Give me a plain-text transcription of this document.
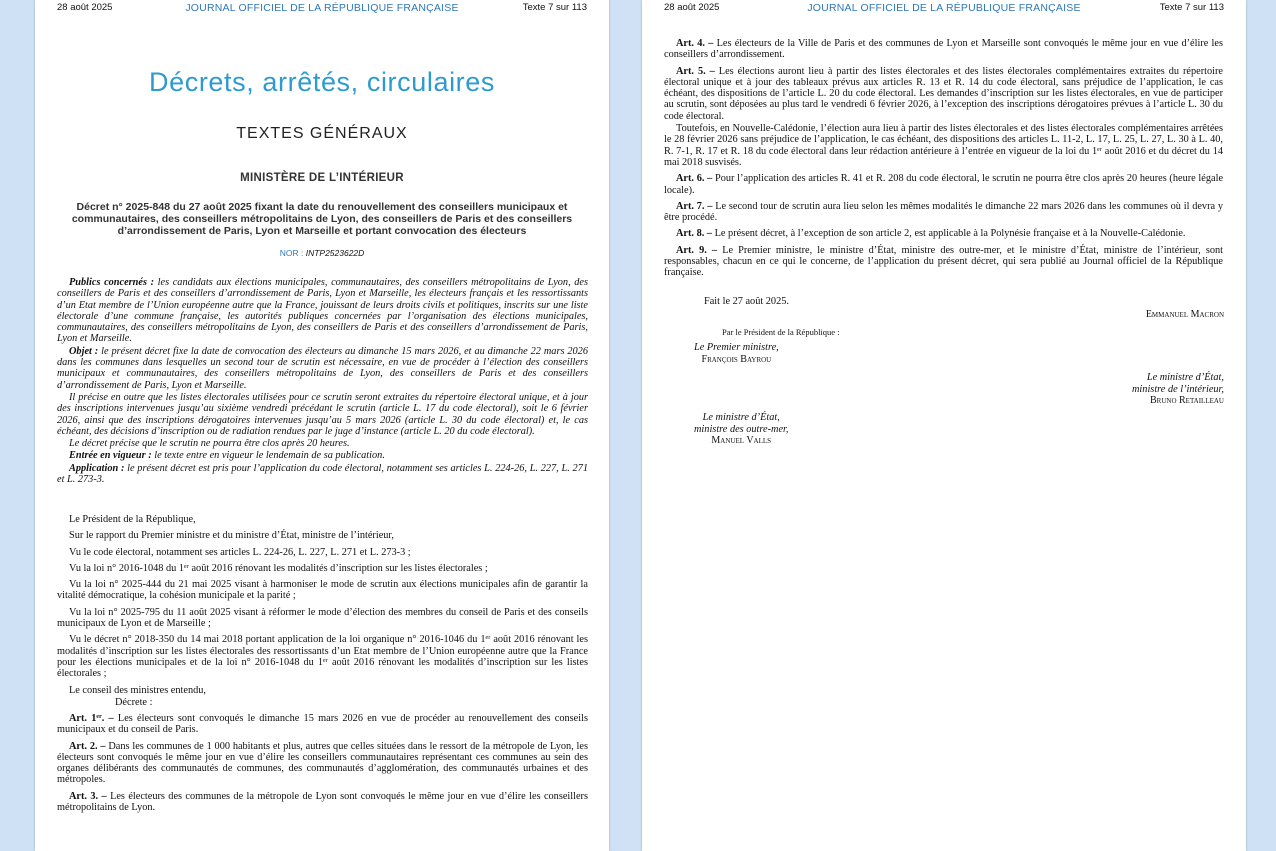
28 août 2025	JOURNAL OFFICIEL DE LA RÉPUBLIQUE FRANÇAISE	Texte 7 sur 113
Décrets, arrêtés, circulaires
TEXTES GÉNÉRAUX
MINISTÈRE DE L’INTÉRIEUR
Décret n° 2025-848 du 27 août 2025 fixant la date du renouvellement des conseillers municipaux et communautaires, des conseillers métropolitains de Lyon, des conseillers de Paris et des conseillers d’arrondissement de Paris, Lyon et Marseille et portant convocation des électeurs
NOR : INTP2523622D

Publics concernés : les candidats aux élections municipales, communautaires, des conseillers métropolitains de Lyon, des conseillers de Paris et des conseillers d’arrondissement de Paris, Lyon et Marseille, les électeurs français et les ressortissants d’un Etat membre de l’Union européenne autre que la France, jouissant de leurs droits civils et politiques, inscrits sur une liste électorale d’une commune française, les autorités publiques concernées par l’organisation des élections municipales, communautaires, des conseillers métropolitains de Lyon, des conseillers de Paris et des conseillers d’arrondissement de Paris, Lyon et Marseille.

Objet : le présent décret fixe la date de convocation des électeurs au dimanche 15 mars 2026, et au dimanche 22 mars 2026 dans les communes dans lesquelles un second tour de scrutin est nécessaire, en vue de procéder à l’élection des conseillers municipaux et communautaires, des conseillers métropolitains de Lyon, des conseillers de Paris et des conseillers d’arrondissement de Paris, Lyon et Marseille.

Il précise en outre que les listes électorales utilisées pour ce scrutin seront extraites du répertoire électoral unique, et à jour des inscriptions intervenues jusqu’au sixième vendredi précédant le scrutin (article L. 17 du code électoral), soit le 6 février 2026, ainsi que des inscriptions dérogatoires intervenues jusqu’au 5 mars 2026 (article L. 30 du code électoral) et, le cas échéant, des décisions d’inscription ou de radiation rendues par le juge d’instance (article L. 20 du code électoral).

Le décret précise que le scrutin ne pourra être clos après 20 heures.

Entrée en vigueur : le texte entre en vigueur le lendemain de sa publication.

Application : le présent décret est pris pour l’application du code électoral, notamment ses articles L. 224-26, L. 227, L. 271 et L. 273-3.

Le Président de la République,

Sur le rapport du Premier ministre et du ministre d’État, ministre de l’intérieur,

Vu le code électoral, notamment ses articles L. 224-26, L. 227, L. 271 et L. 273-3 ;

Vu la loi n° 2016-1048 du 1ᵉʳ août 2016 rénovant les modalités d’inscription sur les listes électorales ;

Vu la loi n° 2025-444 du 21 mai 2025 visant à harmoniser le mode de scrutin aux élections municipales afin de garantir la vitalité démocratique, la cohésion municipale et la parité ;

Vu la loi n° 2025-795 du 11 août 2025 visant à réformer le mode d’élection des membres du conseil de Paris et des conseils municipaux de Lyon et de Marseille ;

Vu le décret n° 2018-350 du 14 mai 2018 portant application de la loi organique n° 2016-1046 du 1ᵉʳ août 2016 rénovant les modalités d’inscription sur les listes électorales des ressortissants d’un Etat membre de l’Union européenne autre que la France pour les élections municipales et de la loi n° 2016-1048 du 1ᵉʳ août 2016 rénovant les modalités d’inscription sur les listes électorales ;

Le conseil des ministres entendu,

Décrete :

Art. 1ᵉʳ. – Les électeurs sont convoqués le dimanche 15 mars 2026 en vue de procéder au renouvellement des conseils municipaux et du conseil de Paris.

Art. 2. – Dans les communes de 1 000 habitants et plus, autres que celles situées dans le ressort de la métropole de Lyon, les électeurs sont convoqués le même jour en vue d’élire les conseillers communautaires représentant ces communes au sein des organes délibérants des communautés de communes, des communautés d’agglomération, des communautés urbaines et des métropoles.

Art. 3. – Les électeurs des communes de la métropole de Lyon sont convoqués le même jour en vue d’élire les conseillers métropolitains de Lyon.

28 août 2025	JOURNAL OFFICIEL DE LA RÉPUBLIQUE FRANÇAISE	Texte 7 sur 113

Art. 4. – Les électeurs de la Ville de Paris et des communes de Lyon et Marseille sont convoqués le même jour en vue d’élire les conseillers d’arrondissement.

Art. 5. – Les élections auront lieu à partir des listes électorales et des listes électorales complémentaires extraites du répertoire électoral unique et à jour des tableaux prévus aux articles R. 13 et R. 14 du code électoral, sans préjudice de l’application, le cas échéant, des dispositions de l’article L. 20 du code électoral. Les demandes d’inscription sur les listes électorales, en vue de participer au scrutin, sont déposées au plus tard le vendredi 6 février 2026, à l’exception des inscriptions dérogatoires prévues à l’article L. 30 du code électoral.

Toutefois, en Nouvelle-Calédonie, l’élection aura lieu à partir des listes électorales et des listes électorales complémentaires arrêtées le 28 février 2026 sans préjudice de l’application, le cas échéant, des dispositions des articles L. 11-2, L. 17, L. 25, L. 27, L. 30 à L. 40, R. 7-1, R. 17 et R. 18 du code électoral dans leur rédaction antérieure à l’entrée en vigueur de la loi du 1ᵉʳ août 2016 et du décret du 14 mai 2018 susvisés.

Art. 6. – Pour l’application des articles R. 41 et R. 208 du code électoral, le scrutin ne pourra être clos après 20 heures (heure légale locale).

Art. 7. – Le second tour de scrutin aura lieu selon les mêmes modalités le dimanche 22 mars 2026 dans les communes où il devra y être procédé.

Art. 8. – Le présent décret, à l’exception de son article 2, est applicable à la Polynésie française et à la Nouvelle-Calédonie.

Art. 9. – Le Premier ministre, le ministre d’État, ministre des outre-mer, et le ministre d’État, ministre de l’intérieur, sont responsables, chacun en ce qui le concerne, de l’application du présent décret, qui sera publié au Journal officiel de la République française.

Fait le 27 août 2025.
Emmanuel Macron
Par le Président de la République :
Le Premier ministre,
François Bayrou
Le ministre d’État,
ministre de l’intérieur,
Bruno Retailleau
Le ministre d’État,
ministre des outre-mer,
Manuel Valls
